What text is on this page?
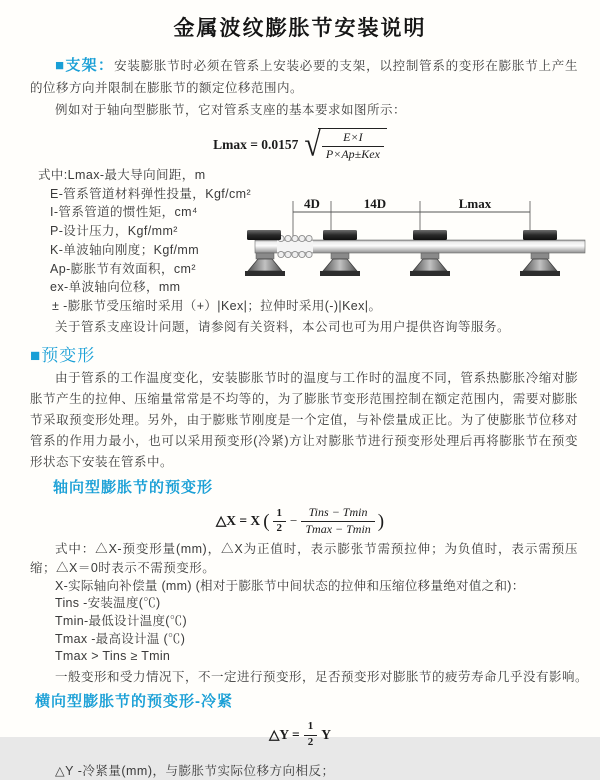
金属波纹膨胀节安装说明

■支架：安装膨胀节时必须在管系上安装必要的支架，以控制管系的变形在膨胀节上产生的位移方向并限制在膨胀节的额定位移范围内。

例如对于轴向型膨胀节，它对管系支座的基本要求如图所示：

Lmax = 0.0157 √ $\frac{E\times I}{\text{P×Ap±Kex}}$
式中:Lmax-最大导向间距，m
E-管系管道材料弹性投量，Kgf/cm²
I-管系管道的惯性矩，cm⁴
P-设计压力，Kgf/mm²
K-单波轴向刚度；Kgf/mm
Ap-膨胀节有效面积，cm²
ex-单波轴向位移，mm
± -膨胀节受压缩时采用（+）|Kex|；拉伸时采用(-)|Kex|。
关于管系支座设计问题，请参阅有关资料，本公司也可为用户提供咨询等服务。
4D	14D	Lmax
■预变形

由于管系的工作温度变化，安装膨胀节时的温度与工作时的温度不同，管系热膨胀冷缩对膨胀节产生的拉伸、压缩量常常是不均等的，为了膨胀节变形范围控制在额定范围内，需要对膨胀节采取预变形处理。另外，由于膨账节刚度是一个定值，与补偿量成正比。为了使膨胀节位移对管系的作用力最小，也可以采用预变形(冷紧)方让对膨胀节进行预变形处理后再将膨胀节在预变形状态下安装在管系中。

轴向型膨胀节的预变形
△X = X ( $\frac{1}{2} - \frac{\text{Tins − Tmin}}{Tmax - Tmin}$ )

式中：△X-预变形量(mm)，△X为正值时，表示膨张节需预拉伸；为负值时，表示需预压缩；△X＝0时表示不需预变形。

X-实际轴向补偿量 (mm) (相对于膨胀节中间状态的拉伸和压缩位移量绝对值之和)：
Tins -安装温度(℃)
Tmin-最低设计温度(℃)
Tmax -最高设计温 (℃)
Tmax > Tins ≥ Tmin
一般变形和受力情况下，不一定进行预变形，足否预变形对膨胀节的疲劳寿命几乎没有影响。
横向型膨胀节的预变形-冷紧
△Y = $\frac{1}{2}$ Y
△Y -冷紧量(mm)，与膨胀节实际位移方向相反；
